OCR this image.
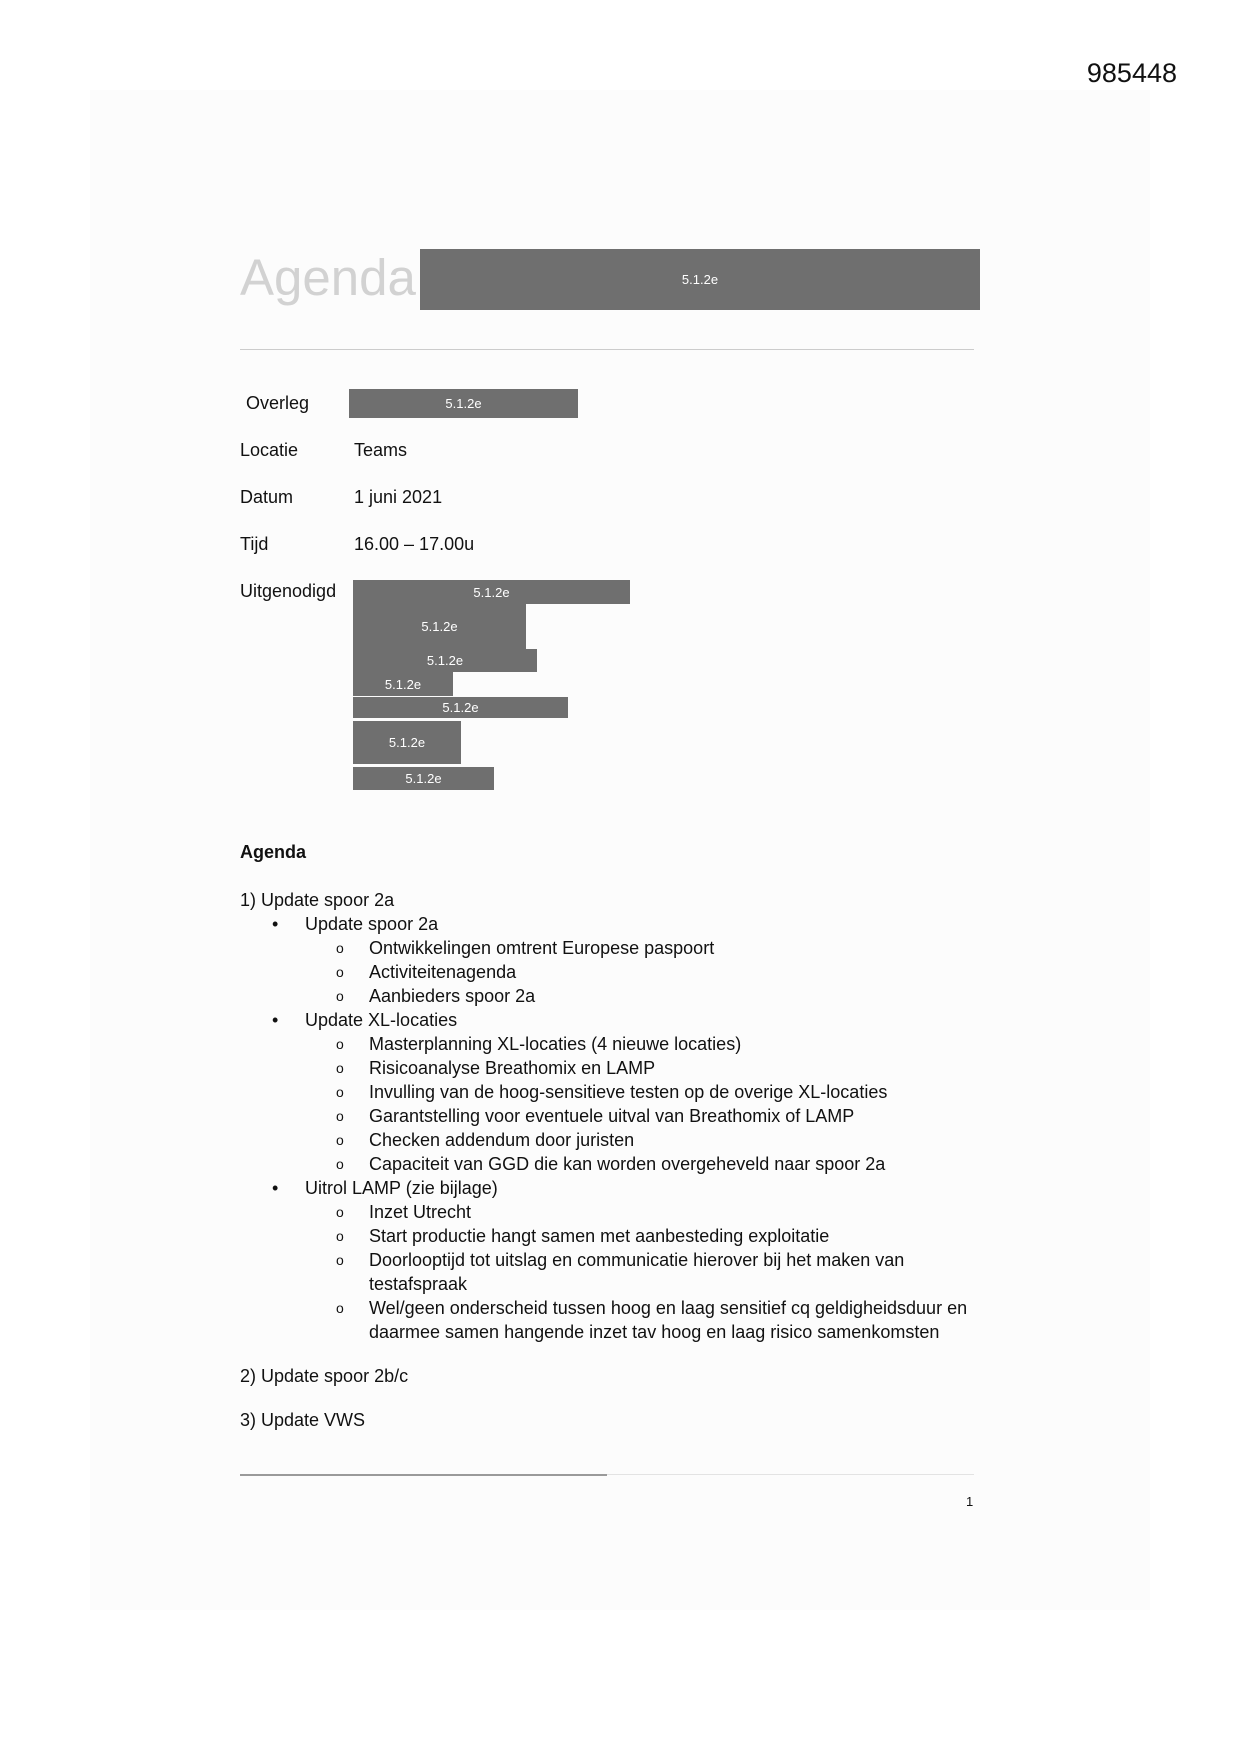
985448
Agenda	5.1.2e
Overleg	5.1.2e
Locatie	Teams
Datum	1 juni 2021
Tijd	16.00 – 17.00u
Uitgenodigd	5.1.2e
5.1.2e
5.1.2e
5.1.2e
5.1.2e
5.1.2e
5.1.2e
Agenda
1) Update spoor 2a
• Update spoor 2a
o Ontwikkelingen omtrent Europese paspoort
o Activiteitenagenda
o Aanbieders spoor 2a
• Update XL-locaties
o Masterplanning XL-locaties (4 nieuwe locaties)
o Risicoanalyse Breathomix en LAMP
o Invulling van de hoog-sensitieve testen op de overige XL-locaties
o Garantstelling voor eventuele uitval van Breathomix of LAMP
o Checken addendum door juristen
o Capaciteit van GGD die kan worden overgeheveld naar spoor 2a
• Uitrol LAMP (zie bijlage)
o Inzet Utrecht
o Start productie hangt samen met aanbesteding exploitatie
o Doorlooptijd tot uitslag en communicatie hierover bij het maken van testafspraak
o Wel/geen onderscheid tussen hoog en laag sensitief cq geldigheidsduur en daarmee samen hangende inzet tav hoog en laag risico samenkomsten
2) Update spoor 2b/c
3) Update VWS
1
